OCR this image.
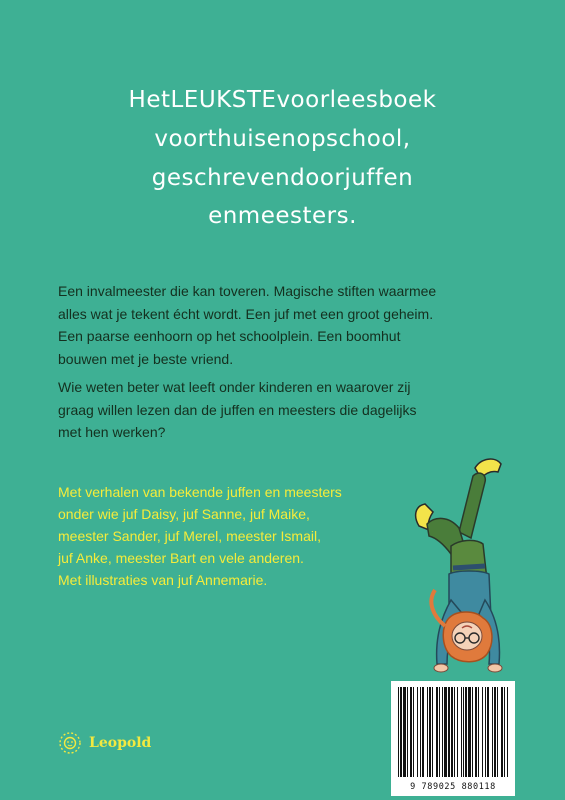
HetLEUKSTEvoorleesboek
voorthuisenopschool,
geschrevendoorjuffen
enmeesters.

Een invalmeester die kan toveren. Magische stiften waarmee
alles wat je tekent écht wordt. Een juf met een groot geheim.
Een paarse eenhoorn op het schoolplein. Een boomhut
bouwen met je beste vriend.

Wie weten beter wat leeft onder kinderen en waarover zij
graag willen lezen dan de juffen en meesters die dagelijks
met hen werken?

Met verhalen van bekende juffen en meesters
onder wie juf Daisy, juf Sanne, juf Maike,
meester Sander, juf Merel, meester Ismail,
juf Anke, meester Bart en vele anderen.
Met illustraties van juf Annemarie.

Leopold
9 789025 880118
